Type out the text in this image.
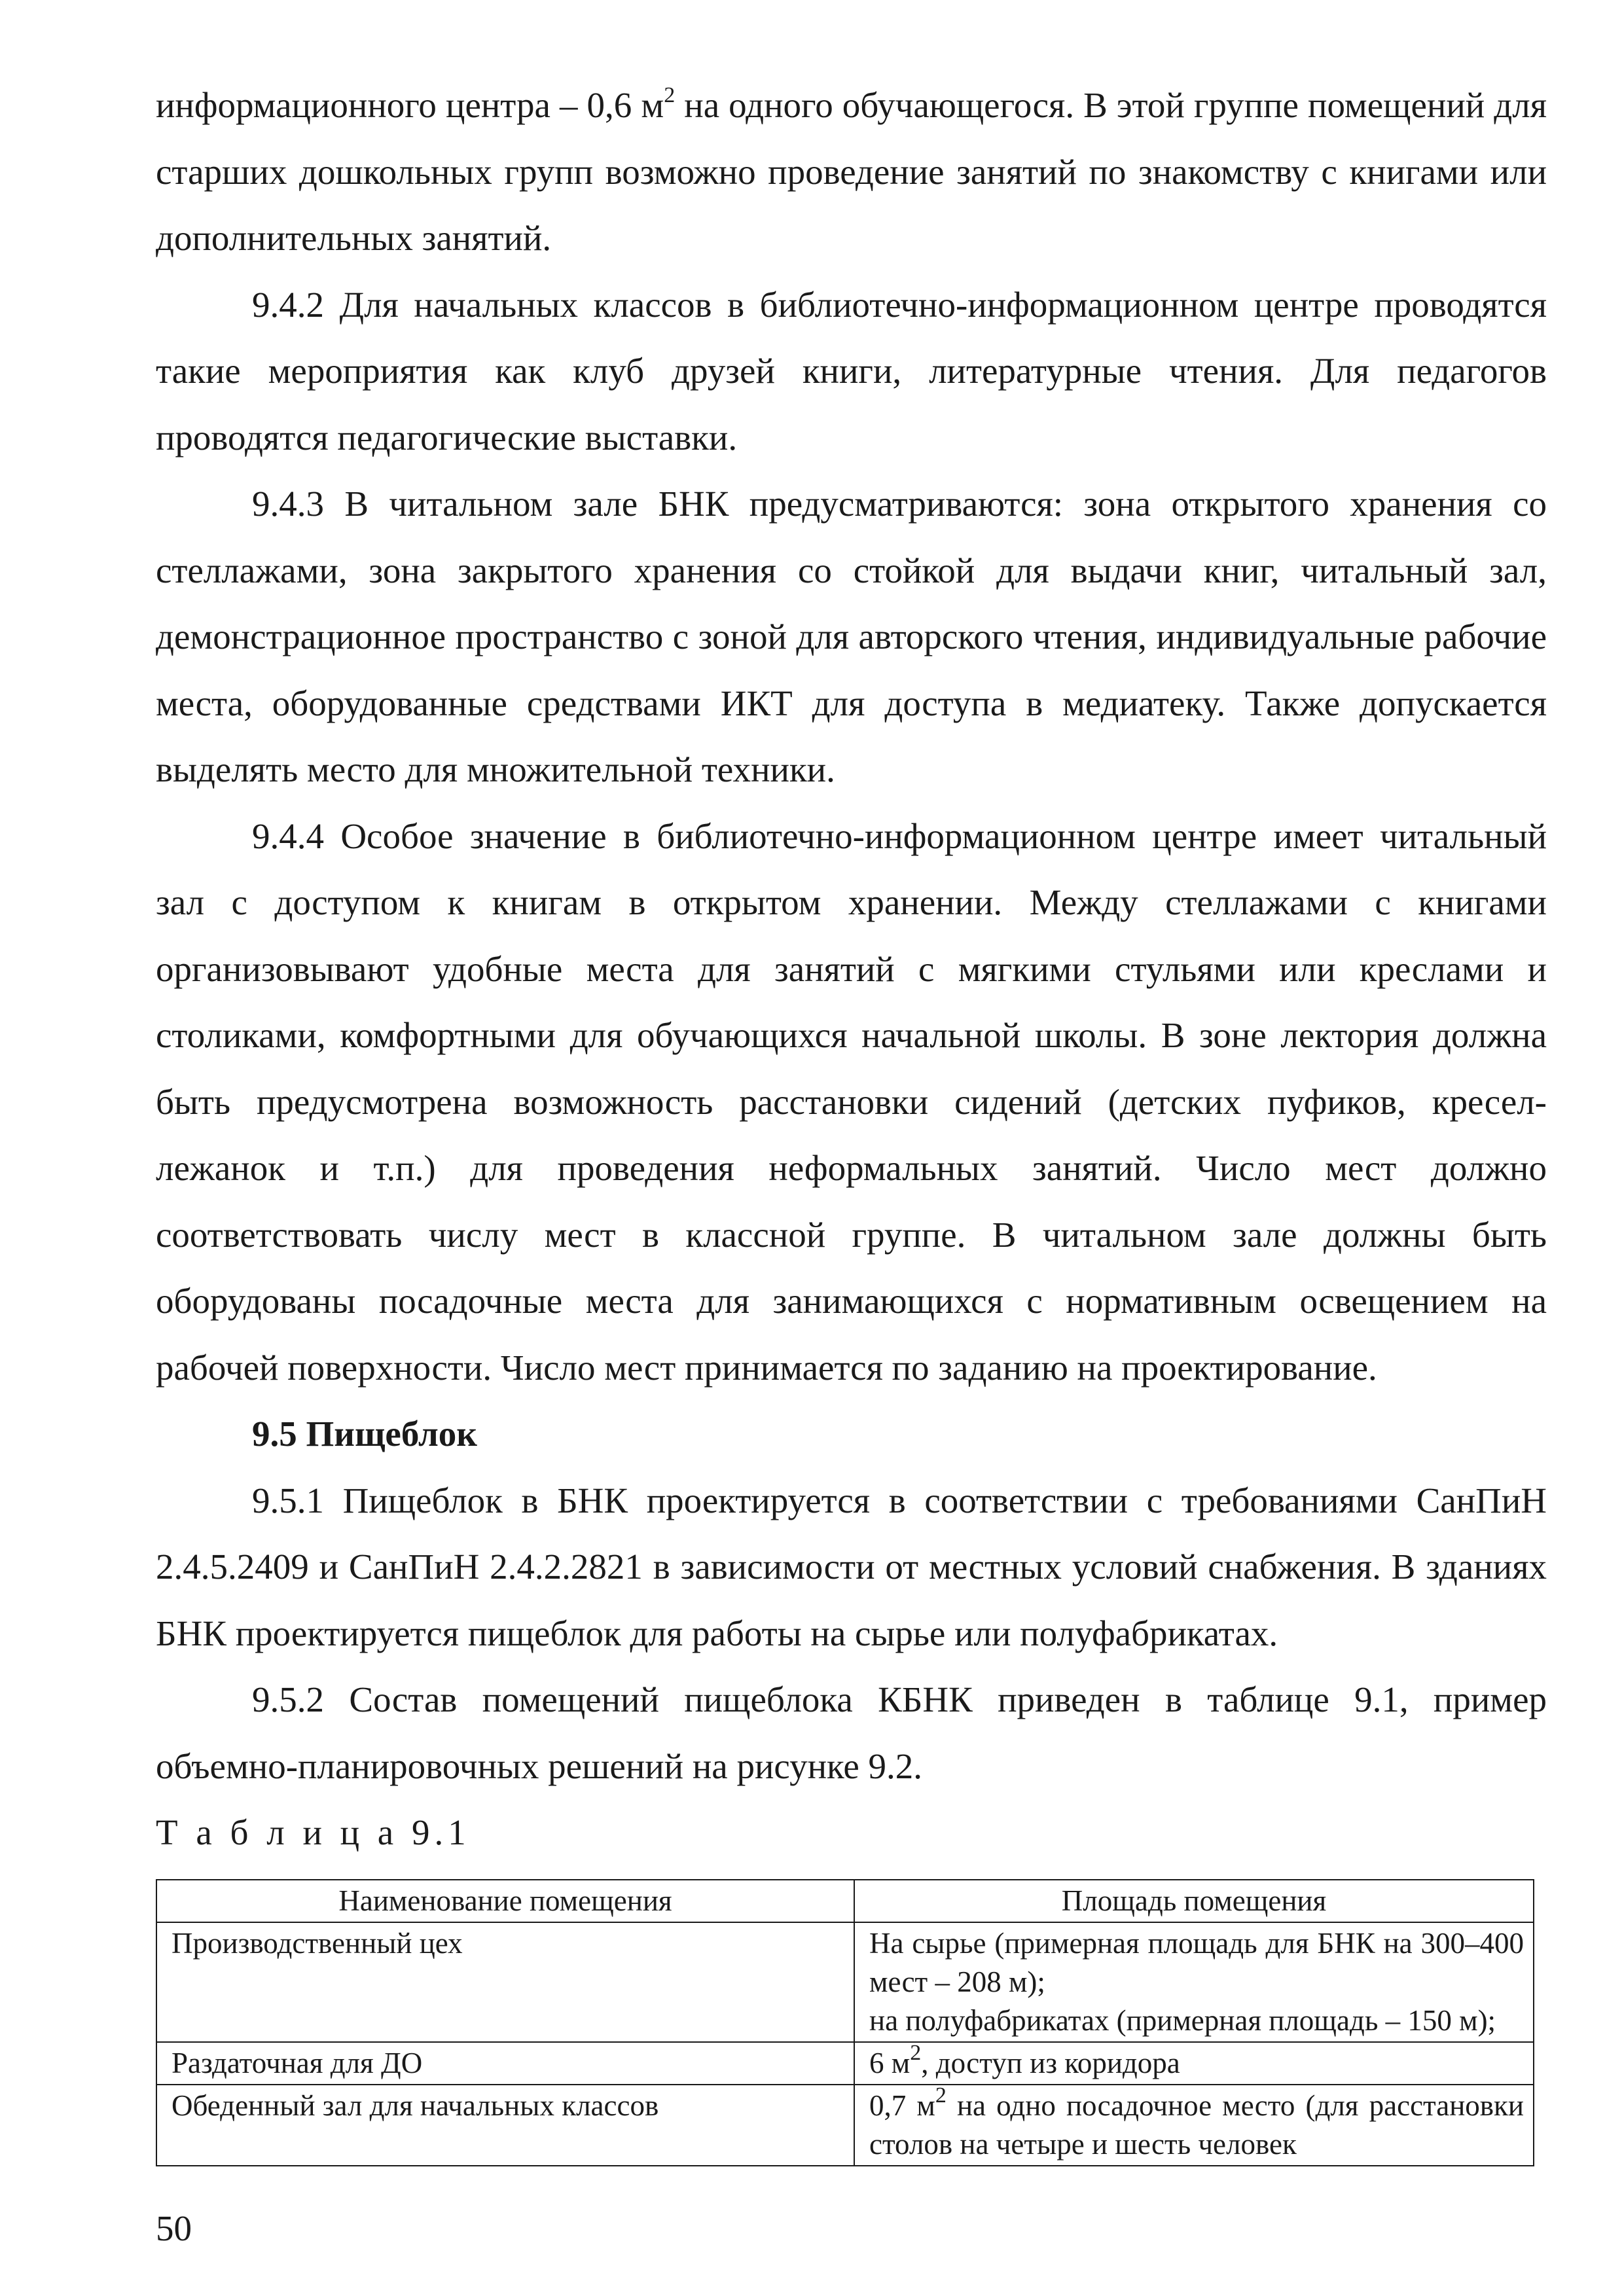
информационного центра – 0,6 $м^2$ на одного обучающегося. В этой группе помещений для старших дошкольных групп возможно проведение занятий по знакомству с книгами или дополнительных занятий.

9.4.2 Для начальных классов в библиотечно-информационном центре проводятся такие мероприятия как клуб друзей книги, литературные чтения. Для педагогов проводятся педагогические выставки.

9.4.3 В читальном зале БНК предусматриваются: зона открытого хранения со стеллажами, зона закрытого хранения со стойкой для выдачи книг, читальный зал, демонстрационное пространство с зоной для авторского чтения, индивидуальные рабочие места, оборудованные средствами ИКТ для доступа в медиатеку. Также допускается выделять место для множительной техники.

9.4.4 Особое значение в библиотечно-информационном центре имеет читальный зал с доступом к книгам в открытом хранении. Между стеллажами с книгами организовывают удобные места для занятий с мягкими стульями или креслами и столиками, комфортными для обучающихся начальной школы. В зоне лектория должна быть предусмотрена возможность расстановки сидений (детских пуфиков, кресел-лежанок и т.п.) для проведения неформальных занятий. Число мест должно соответствовать числу мест в классной группе. В читальном зале должны быть оборудованы посадочные места для занимающихся с нормативным освещением на рабочей поверхности. Число мест принимается по заданию на проектирование.

9.5 Пищеблок

9.5.1 Пищеблок в БНК проектируется в соответствии с требованиями СанПиН 2.4.5.2409 и СанПиН 2.4.2.2821 в зависимости от местных условий снабжения. В зданиях БНК проектируется пищеблок для работы на сырье или полуфабрикатах.

9.5.2 Состав помещений пищеблока КБНК приведен в таблице 9.1, пример объемно-планировочных решений на рисунке 9.2.

Т а б л и ц а 9.1

Наименование помещения	Площадь помещения
Производственный цех	На сырье (примерная площадь для БНК на 300–400 мест – 208 м);
на полуфабрикатах (примерная площадь – 150 м);
Раздаточная для ДО	6 $м^2$, доступ из коридора
Обеденный зал для начальных классов	0,7 $м^2$ на одно посадочное место (для расстановки столов на четыре и шесть человек
50
